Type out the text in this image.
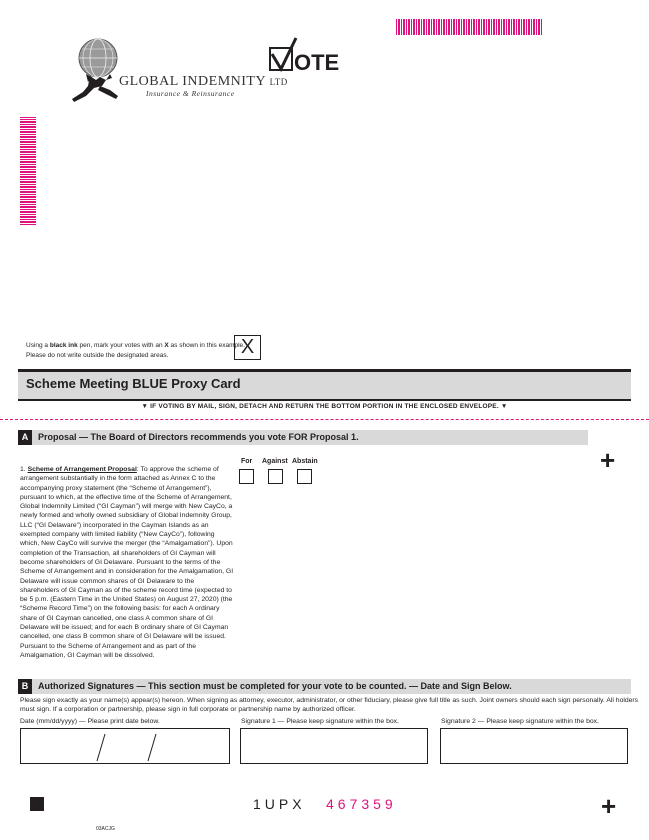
GLOBAL INDEMNITY LTD
Insurance & Reinsurance
OTE
Using a black ink pen, mark your votes with an X as shown in this example.
Please do not write outside the designated areas.	X
Scheme Meeting BLUE Proxy Card
▼ IF VOTING BY MAIL, SIGN, DETACH AND RETURN THE BOTTOM PORTION IN THE ENCLOSED ENVELOPE. ▼
A	Proposal — The Board of Directors recommends you vote FOR Proposal 1.
+
For Against Abstain
1. Scheme of Arrangement Proposal: To approve the scheme of arrangement substantially in the form attached as Annex C to the accompanying proxy statement (the “Scheme of Arrangement”), pursuant to which, at the effective time of the Scheme of Arrangement, Global Indemnity Limited (“GI Cayman”) will merge with New CayCo, a newly formed and wholly owned subsidiary of Global Indemnity Group, LLC (“GI Delaware”) incorporated in the Cayman Islands as an exempted company with limited liability (“New CayCo”), following which, New CayCo will survive the merger (the “Amalgamation”). Upon completion of the Transaction, all shareholders of GI Cayman will become shareholders of GI Delaware. Pursuant to the terms of the Scheme of Arrangement and in consideration for the Amalgamation, GI Delaware will issue common shares of GI Delaware to the shareholders of GI Cayman as of the scheme record time (expected to be 5 p.m. (Eastern Time in the United States) on August 27, 2020) (the “Scheme Record Time”) on the following basis: for each A ordinary share of GI Cayman cancelled, one class A common share of GI Delaware will be issued; and for each B ordinary share of GI Cayman cancelled, one class B common share of GI Delaware will be issued. Pursuant to the Scheme of Arrangement and as part of the Amalgamation, GI Cayman will be dissolved.
B	Authorized Signatures — This section must be completed for your vote to be counted. — Date and Sign Below.
Please sign exactly as your name(s) appear(s) hereon. When signing as attorney, executor, administrator, or other fiduciary, please give full title as such. Joint owners should each sign personally. All holders must sign. If a corporation or partnership, please sign in full corporate or partnership name by authorized officer.
Date (mm/dd/yyyy) — Please print date below.	Signature 1 — Please keep signature within the box.	Signature 2 — Please keep signature within the box.
1UPX 467359	+
03ACJG
